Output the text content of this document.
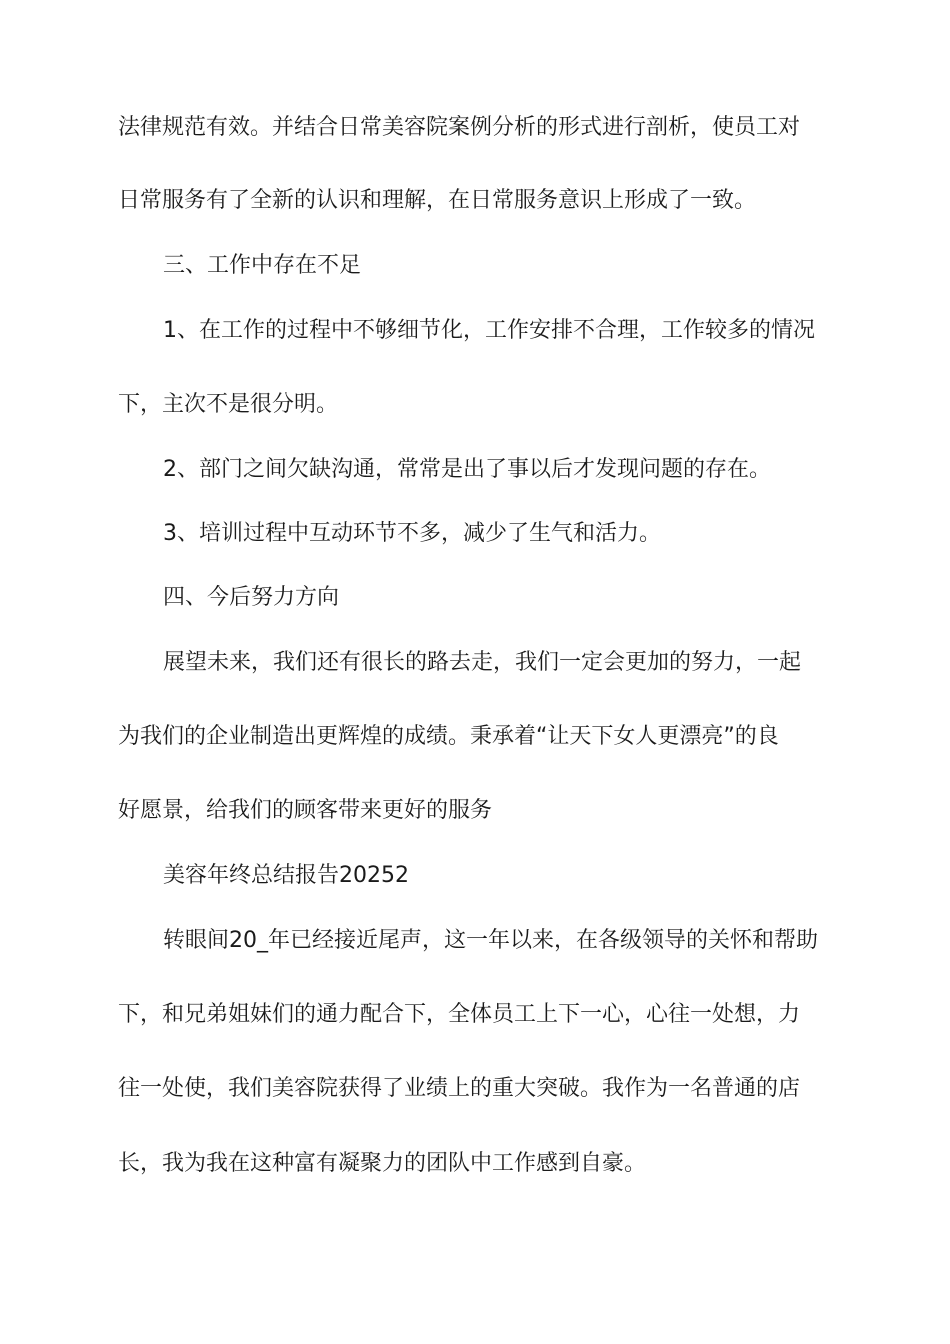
法律规范有效。并结合日常美容院案例分析的形式进行剖析，使员工对
日常服务有了全新的认识和理解，在日常服务意识上形成了一致。
三、工作中存在不足
1、在工作的过程中不够细节化，工作安排不合理，工作较多的情况
下，主次不是很分明。
2、部门之间欠缺沟通，常常是出了事以后才发现问题的存在。
3、培训过程中互动环节不多，减少了生气和活力。
四、今后努力方向
展望未来，我们还有很长的路去走，我们一定会更加的努力，一起
为我们的企业制造出更辉煌的成绩。秉承着“让天下女人更漂亮”的良
好愿景，给我们的顾客带来更好的服务
美容年终总结报告20252
转眼间20_年已经接近尾声，这一年以来，在各级领导的关怀和帮助
下，和兄弟姐妹们的通力配合下，全体员工上下一心，心往一处想，力
往一处使，我们美容院获得了业绩上的重大突破。我作为一名普通的店
长，我为我在这种富有凝聚力的团队中工作感到自豪。
